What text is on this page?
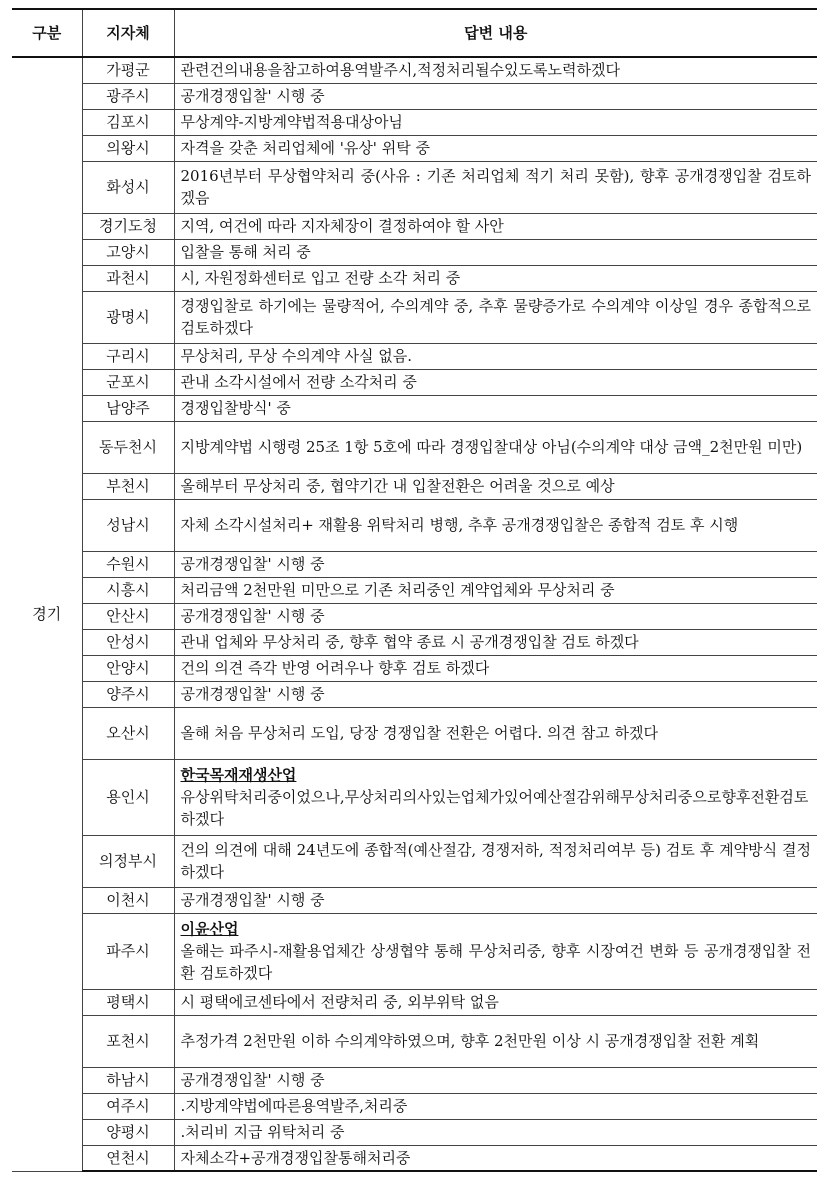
구분	지자체	답변 내용
경기	가평군	관련건의내용을참고하여용역발주시,적정처리될수있도록노력하겠다
	광주시	공개경쟁입찰' 시행 중
	김포시	무상계약-지방계약법적용대상아님
	의왕시	자격을 갖춘 처리업체에 '유상' 위탁 중
	화성시	2016년부터 무상협약처리 중(사유 : 기존 처리업체 적기 처리 못함), 향후 공개경쟁입찰 검토하겠음
	경기도청	지역, 여건에 따라 지자체장이 결정하여야 할 사안
	고양시	입찰을 통해 처리 중
	과천시	시, 자원정화센터로 입고 전량 소각 처리 중
	광명시	경쟁입찰로 하기에는 물량적어, 수의계약 중, 추후 물량증가로 수의계약 이상일 경우 종합적으로 검토하겠다
	구리시	무상처리, 무상 수의계약 사실 없음.
	군포시	관내 소각시설에서 전량 소각처리 중
	남양주	경쟁입찰방식' 중
	동두천시	지방계약법 시행령 25조 1항 5호에 따라 경쟁입찰대상 아님(수의계약 대상 금액_2천만원 미만)
	부천시	올해부터 무상처리 중, 협약기간 내 입찰전환은 어려울 것으로 예상
	성남시	자체 소각시설처리+ 재활용 위탁처리 병행, 추후 공개경쟁입찰은 종합적 검토 후 시행
	수원시	공개경쟁입찰' 시행 중
	시흥시	처리금액 2천만원 미만으로 기존 처리중인 계약업체와 무상처리 중
	안산시	공개경쟁입찰' 시행 중
	안성시	관내 업체와 무상처리 중, 향후 협약 종료 시 공개경쟁입찰 검토 하겠다
	안양시	건의 의견 즉각 반영 어려우나 향후 검토 하겠다
	양주시	공개경쟁입찰' 시행 중
	오산시	올해 처음 무상처리 도입, 당장 경쟁입찰 전환은 어렵다. 의견 참고 하겠다
	용인시	한국목재재생산업
유상위탁처리중이었으나,무상처리의사있는업체가있어예산절감위해무상처리중으로향후전환검토하겠다
	의정부시	건의 의견에 대해 24년도에 종합적(예산절감, 경쟁저하, 적정처리여부 등) 검토 후 계약방식 결정하겠다
	이천시	공개경쟁입찰' 시행 중
	파주시	이윤산업
올해는 파주시-재활용업체간 상생협약 통해 무상처리중, 향후 시장여건 변화 등 공개경쟁입찰 전환 검토하겠다
	평택시	시 평택에코센타에서 전량처리 중, 외부위탁 없음
	포천시	추정가격 2천만원 이하 수의계약하였으며, 향후 2천만원 이상 시 공개경쟁입찰 전환 계획
	하남시	공개경쟁입찰' 시행 중
	여주시	.지방계약법에따른용역발주,처리중
	양평시	.처리비 지급 위탁처리 중
	연천시	자체소각+공개경쟁입찰통해처리중
